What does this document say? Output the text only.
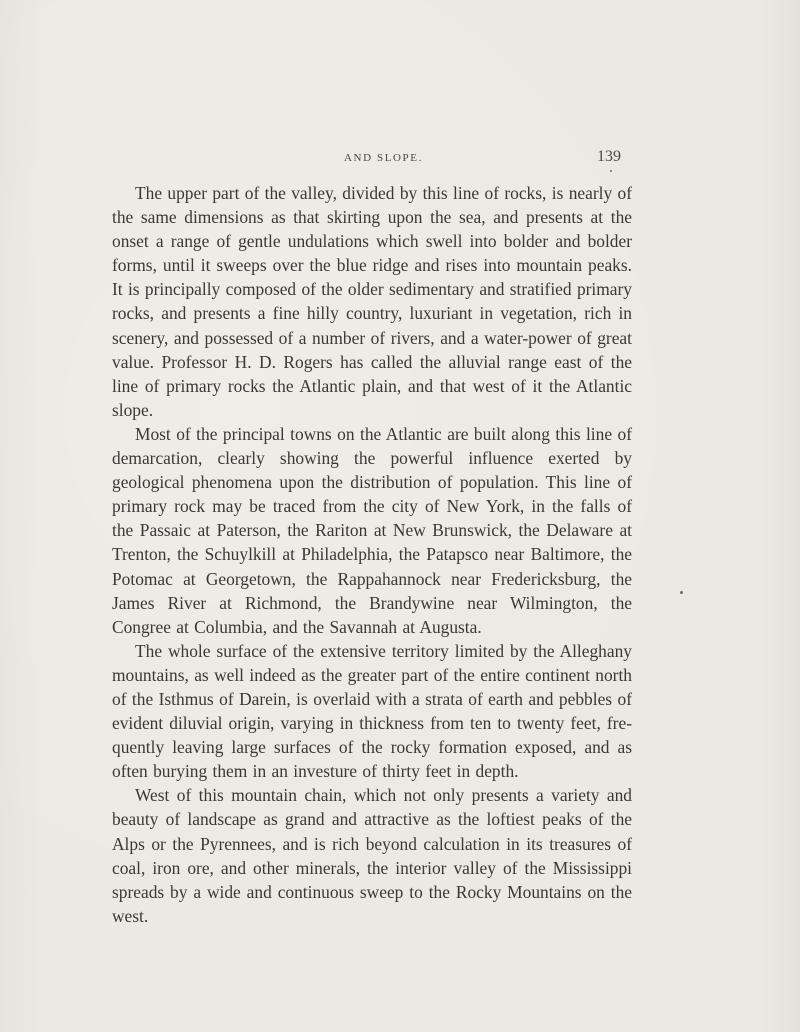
AND SLOPE.	139

The upper part of the valley, divided by this line of rocks, is nearly of the same dimensions as that skirting upon the sea, and presents at the onset a range of gentle undulations which swell into bolder and bolder forms, until it sweeps over the blue ridge and rises into mountain peaks. It is principally composed of the older sedimentary and stratified primary rocks, and presents a fine hilly country, luxuriant in vegetation, rich in scenery, and possessed of a number of rivers, and a water-power of great value. Professor H. D. Rogers has called the alluvial range east of the line of primary rocks the Atlantic plain, and that west of it the Atlantic slope.

Most of the principal towns on the Atlantic are built along this line of demarcation, clearly showing the powerful influence exerted by geological phenomena upon the distribution of population. This line of primary rock may be traced from the city of New York, in the falls of the Passaic at Paterson, the Rariton at New Brunswick, the Delaware at Trenton, the Schuylkill at Philadelphia, the Patapsco near Baltimore, the Potomac at Georgetown, the Rappahannock near Fredericksburg, the James River at Richmond, the Brandywine near Wilmington, the Congree at Columbia, and the Savannah at Augusta.

The whole surface of the extensive territory limited by the Alleghany mountains, as well indeed as the greater part of the entire continent north of the Isthmus of Darein, is overlaid with a strata of earth and pebbles of evident diluvial origin, varying in thickness from ten to twenty feet, fre-quently leaving large surfaces of the rocky formation exposed, and as often burying them in an investure of thirty feet in depth.

West of this mountain chain, which not only presents a variety and beauty of landscape as grand and attractive as the loftiest peaks of the Alps or the Pyrennees, and is rich beyond calculation in its treasures of coal, iron ore, and other minerals, the interior valley of the Mississippi spreads by a wide and continuous sweep to the Rocky Mountains on the west.
